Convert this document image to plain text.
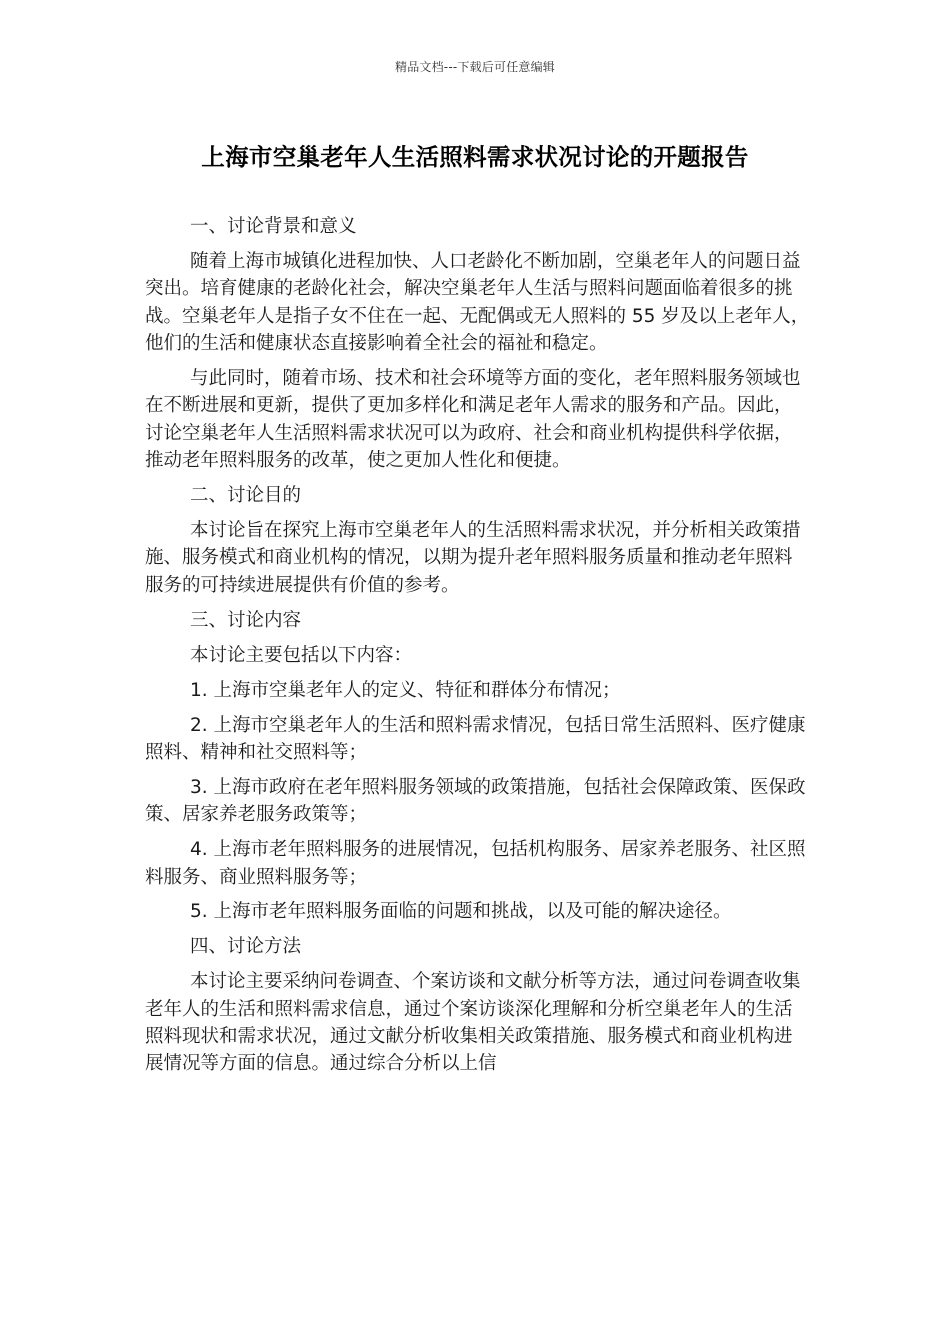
精品文档---下载后可任意编辑
上海市空巢老年人生活照料需求状况讨论的开题报告

一、讨论背景和意义

随着上海市城镇化进程加快、人口老龄化不断加剧，空巢老年人的问题日益突出。培育健康的老龄化社会，解决空巢老年人生活与照料问题面临着很多的挑战。空巢老年人是指子女不住在一起、无配偶或无人照料的 55 岁及以上老年人，他们的生活和健康状态直接影响着全社会的福祉和稳定。

与此同时，随着市场、技术和社会环境等方面的变化，老年照料服务领域也在不断进展和更新，提供了更加多样化和满足老年人需求的服务和产品。因此，讨论空巢老年人生活照料需求状况可以为政府、社会和商业机构提供科学依据，推动老年照料服务的改革，使之更加人性化和便捷。

二、讨论目的

本讨论旨在探究上海市空巢老年人的生活照料需求状况，并分析相关政策措施、服务模式和商业机构的情况，以期为提升老年照料服务质量和推动老年照料服务的可持续进展提供有价值的参考。

三、讨论内容

本讨论主要包括以下内容：

1. 上海市空巢老年人的定义、特征和群体分布情况；

2. 上海市空巢老年人的生活和照料需求情况，包括日常生活照料、医疗健康照料、精神和社交照料等；

3. 上海市政府在老年照料服务领域的政策措施，包括社会保障政策、医保政策、居家养老服务政策等；

4. 上海市老年照料服务的进展情况，包括机构服务、居家养老服务、社区照料服务、商业照料服务等；

5. 上海市老年照料服务面临的问题和挑战，以及可能的解决途径。

四、讨论方法

本讨论主要采纳问卷调查、个案访谈和文献分析等方法，通过问卷调查收集老年人的生活和照料需求信息，通过个案访谈深化理解和分析空巢老年人的生活照料现状和需求状况，通过文献分析收集相关政策措施、服务模式和商业机构进展情况等方面的信息。通过综合分析以上信
